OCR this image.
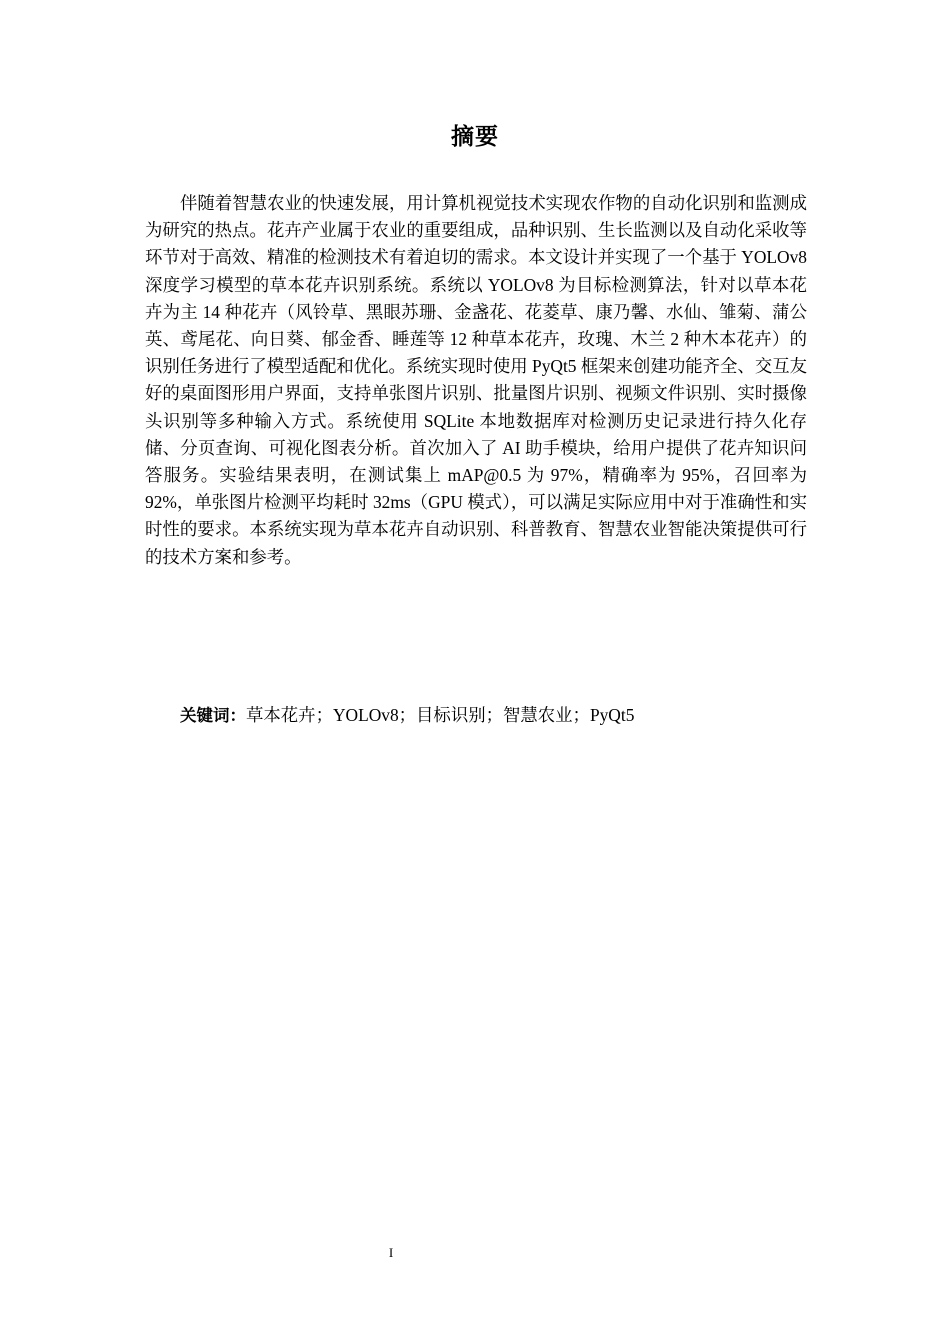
摘要

伴随着智慧农业的快速发展，用计算机视觉技术实现农作物的自动化识别和监测成为研究的热点。花卉产业属于农业的重要组成，品种识别、生长监测以及自动化采收等环节对于高效、精准的检测技术有着迫切的需求。本文设计并实现了一个基于 YOLOv8 深度学习模型的草本花卉识别系统。系统以 YOLOv8 为目标检测算法，针对以草本花卉为主 14 种花卉（风铃草、黑眼苏珊、金盏花、花菱草、康乃馨、水仙、雏菊、蒲公英、鸢尾花、向日葵、郁金香、睡莲等 12 种草本花卉，玫瑰、木兰 2 种木本花卉）的识别任务进行了模型适配和优化。系统实现时使用 PyQt5 框架来创建功能齐全、交互友好的桌面图形用户界面，支持单张图片识别、批量图片识别、视频文件识别、实时摄像头识别等多种输入方式。系统使用 SQLite 本地数据库对检测历史记录进行持久化存储、分页查询、可视化图表分析。首次加入了 AI 助手模块，给用户提供了花卉知识问答服务。实验结果表明，在测试集上 mAP@0.5 为 97%，精确率为 95%，召回率为 92%，单张图片检测平均耗时 32ms（GPU 模式），可以满足实际应用中对于准确性和实时性的要求。本系统实现为草本花卉自动识别、科普教育、智慧农业智能决策提供可行的技术方案和参考。

关键词：草本花卉；YOLOv8；目标识别；智慧农业；PyQt5
I
